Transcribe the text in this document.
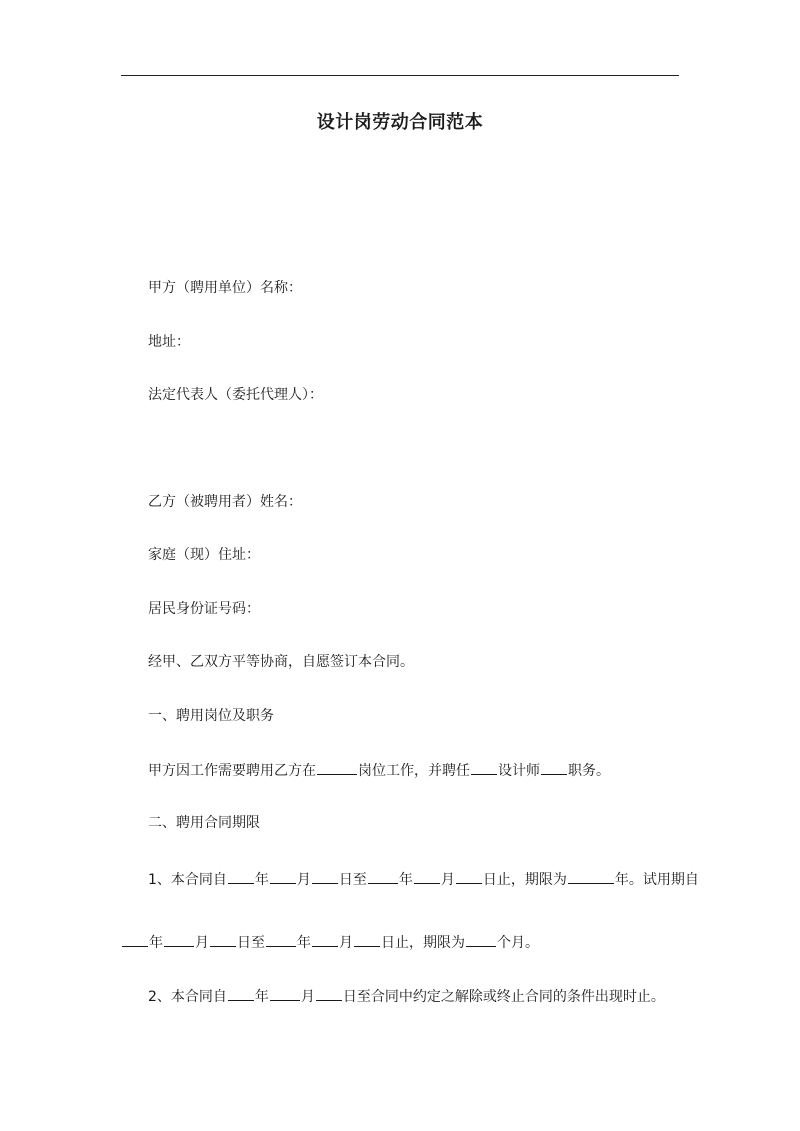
设计岗劳动合同范本
甲方（聘用单位）名称：
地址：
法定代表人（委托代理人）：
乙方（被聘用者）姓名：
家庭（现）住址：
居民身份证号码：
经甲、乙双方平等协商，自愿签订本合同。
一、聘用岗位及职务
甲方因工作需要聘用乙方在	岗位工作，并聘任 设计师 职务。
二、聘用合同期限
1、本合同自 年 月 日至 年 月 日止，期限为	年。试用期自
年 月 日至 年 月 日止，期限为 个月。
2、本合同自 年 月 日至合同中约定之解除或终止合同的条件出现时止。
